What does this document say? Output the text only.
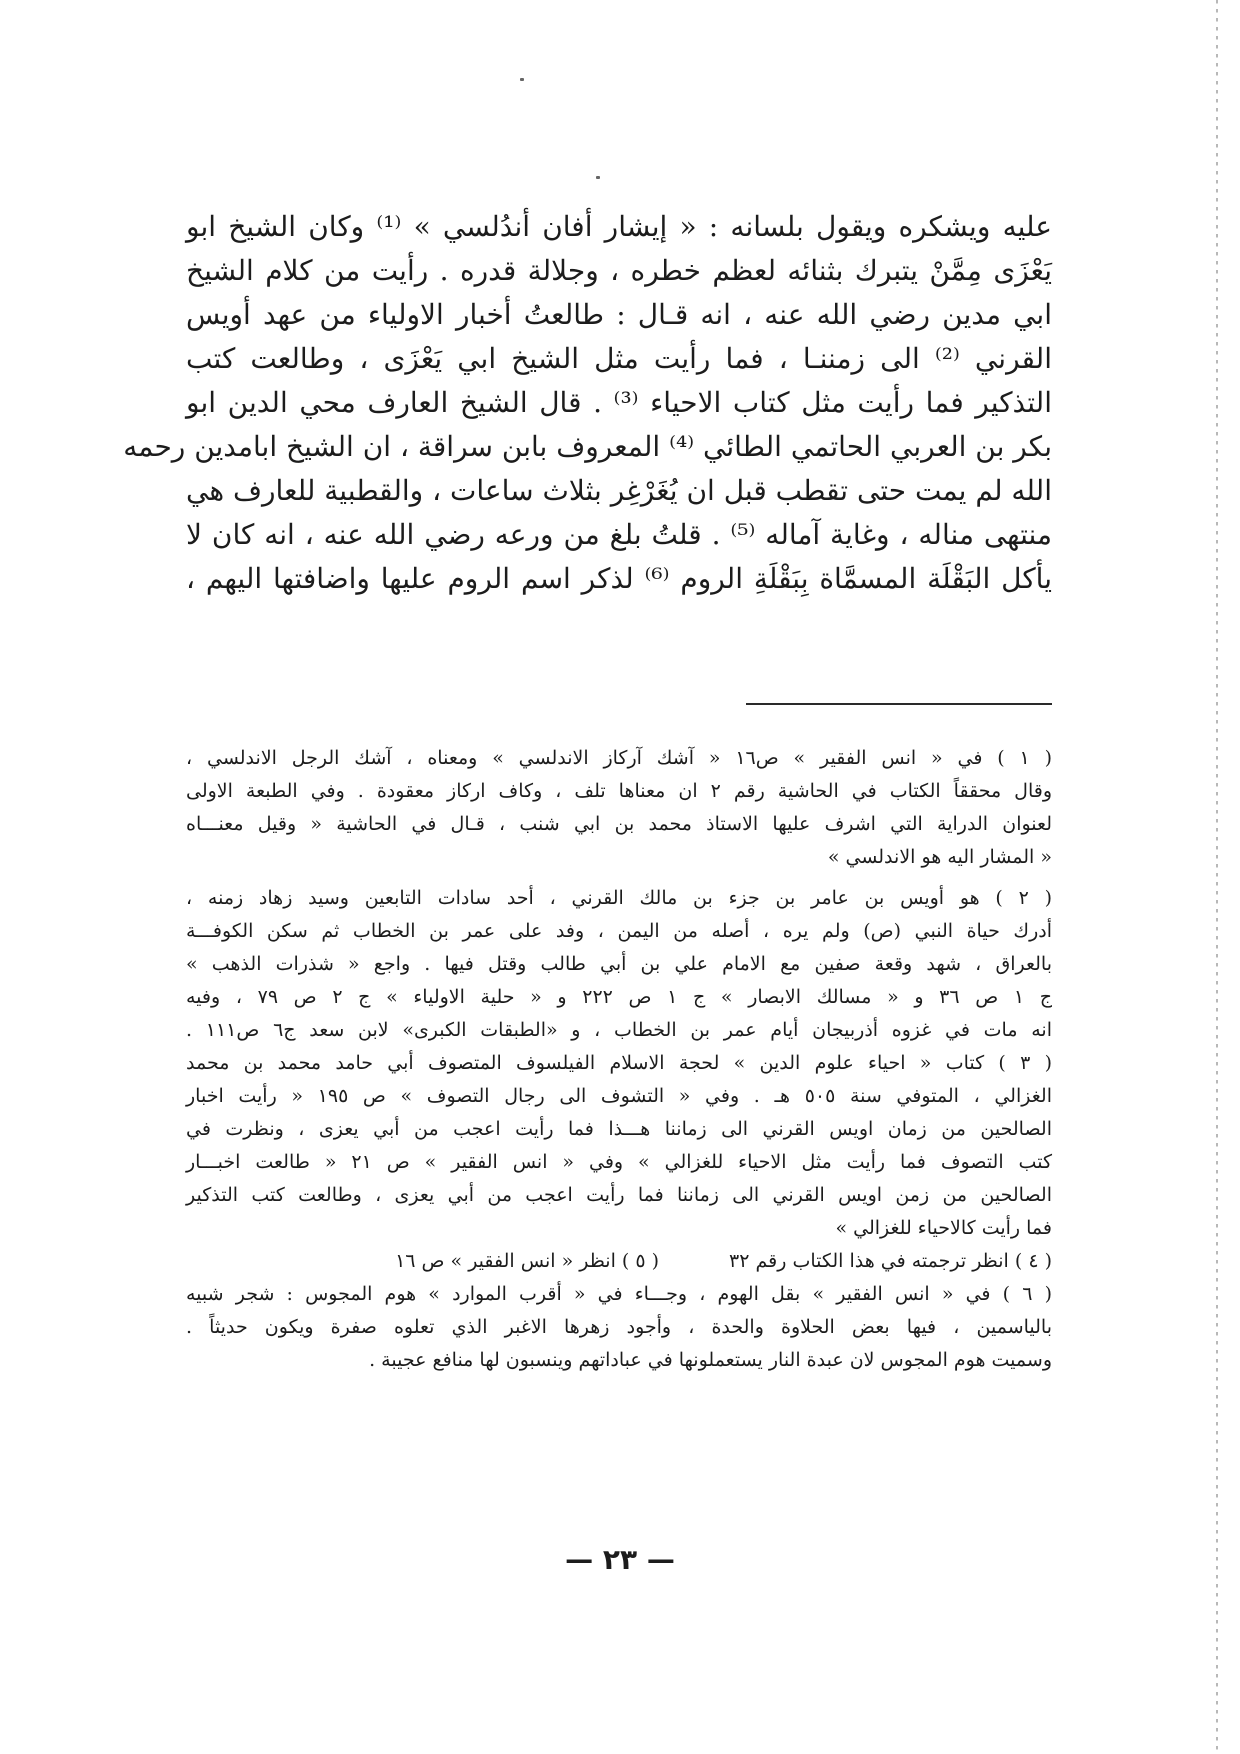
عليه ويشكره ويقول بلسانه : « إيشار أفان أندُلسي » ⁽¹⁾ وكان الشيخ ابو

يَعْزَى مِمَّنْ يتبرك بثنائه لعظم خطره ، وجلالة قدره . رأيت من كلام الشيخ

ابي مدين رضي الله عنه ، انه قـال : طالعتُ أخبار الاولياء من عهد أويس

القرني ⁽²⁾ الى زمننـا ، فما رأيت مثل الشيخ ابي يَعْزَى ، وطالعت كتب

التذكير فما رأيت مثل كتاب الاحياء ⁽³⁾ . قال الشيخ العارف محي الدين ابو

بكر بن العربي الحاتمي الطائي ⁽⁴⁾ المعروف بابن سراقة ، ان الشيخ ابامدين رحمه

الله لم يمت حتى تقطب قبل ان يُغَرْغِر بثلاث ساعات ، والقطبية للعارف هي

منتهى مناله ، وغاية آماله ⁽⁵⁾ . قلتُ بلغ من ورعه رضي الله عنه ، انه كان لا

يأكل البَقْلَة المسمَّاة بِبَقْلَةِ الروم ⁽⁶⁾ لذكر اسم الروم عليها واضافتها اليهم ،

( ١ ) في « انس الفقير » ص١٦ « آشك آركاز الاندلسي » ومعناه ، آشك الرجل الاندلسي ،

وقال محققاً الكتاب في الحاشية رقم ٢ ان معناها تلف ، وكاف اركاز معقودة . وفي الطبعة الاولى

لعنوان الدراية التي اشرف عليها الاستاذ محمد بن ابي شنب ، قـال في الحاشية « وقيل معنـــاه

« المشار اليه هو الاندلسي »

( ٢ ) هو أويس بن عامر بن جزء بن مالك القرني ، أحد سادات التابعين وسيد زهاد زمنه ،

أدرك حياة النبي (ص) ولم يره ، أصله من اليمن ، وفد على عمر بن الخطاب ثم سكن الكوفـــة

بالعراق ، شهد وقعة صفين مع الامام علي بن أبي طالب وقتل فيها . واجع « شذرات الذهب »

ج ١ ص ٣٦ و « مسالك الابصار » ج ١ ص ٢٢٢ و « حلية الاولياء » ج ٢ ص ٧٩ ، وفيه

انه مات في غزوه أذربيجان أيام عمر بن الخطاب ، و «الطبقات الكبرى» لابن سعد ج٦ ص١١١ .

( ٣ ) كتاب « احياء علوم الدين » لحجة الاسلام الفيلسوف المتصوف أبي حامد محمد بن محمد

الغزالي ، المتوفي سنة ٥٠٥ هـ . وفي « التشوف الى رجال التصوف » ص ١٩٥ « رأيت اخبار

الصالحين من زمان اويس القرني الى زماننا هـــذا فما رأيت اعجب من أبي يعزى ، ونظرت في

كتب التصوف فما رأيت مثل الاحياء للغزالي » وفي « انس الفقير » ص ٢١ « طالعت اخبـــار

الصالحين من زمن اويس القرني الى زماننا فما رأيت اعجب من أبي يعزى ، وطالعت كتب التذكير

فما رأيت كالاحياء للغزالي »

( ٤ ) انظر ترجمته في هذا الكتاب رقم ٣٢
( ٥ ) انظر « انس الفقير » ص ١٦

( ٦ ) في « انس الفقير » بقل الهوم ، وجـــاء في « أقرب الموارد » هوم المجوس : شجر شبيه

بالياسمين ، فيها بعض الحلاوة والحدة ، وأجود زهرها الاغبر الذي تعلوه صفرة ويكون حديثاً .

وسميت هوم المجوس لان عبدة النار يستعملونها في عباداتهم وينسبون لها منافع عجيبة .

— ٢٣ —
